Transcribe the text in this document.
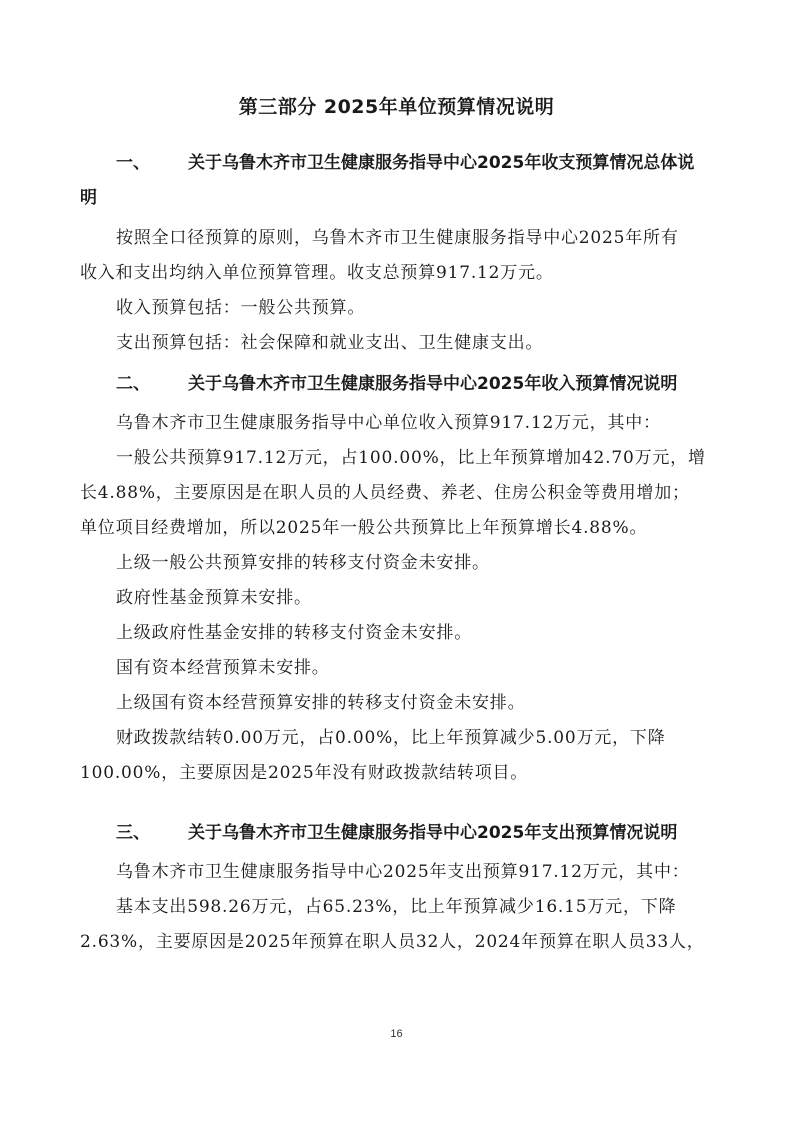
第三部分 2025年单位预算情况说明
一、 关于乌鲁木齐市卫生健康服务指导中心2025年收支预算情况总体说
明
按照全口径预算的原则，乌鲁木齐市卫生健康服务指导中心2025年所有
收入和支出均纳入单位预算管理。收支总预算917.12万元。
收入预算包括：一般公共预算。
支出预算包括：社会保障和就业支出、卫生健康支出。
二、 关于乌鲁木齐市卫生健康服务指导中心2025年收入预算情况说明
乌鲁木齐市卫生健康服务指导中心单位收入预算917.12万元，其中：
一般公共预算917.12万元，占100.00%，比上年预算增加42.70万元，增
长4.88%，主要原因是在职人员的人员经费、养老、住房公积金等费用增加；
单位项目经费增加，所以2025年一般公共预算比上年预算增长4.88%。
上级一般公共预算安排的转移支付资金未安排。
政府性基金预算未安排。
上级政府性基金安排的转移支付资金未安排。
国有资本经营预算未安排。
上级国有资本经营预算安排的转移支付资金未安排。
财政拨款结转0.00万元，占0.00%，比上年预算减少5.00万元，下降
100.00%，主要原因是2025年没有财政拨款结转项目。
三、 关于乌鲁木齐市卫生健康服务指导中心2025年支出预算情况说明
乌鲁木齐市卫生健康服务指导中心2025年支出预算917.12万元，其中：
基本支出598.26万元，占65.23%，比上年预算减少16.15万元，下降
2.63%，主要原因是2025年预算在职人员32人，2024年预算在职人员33人，
16
